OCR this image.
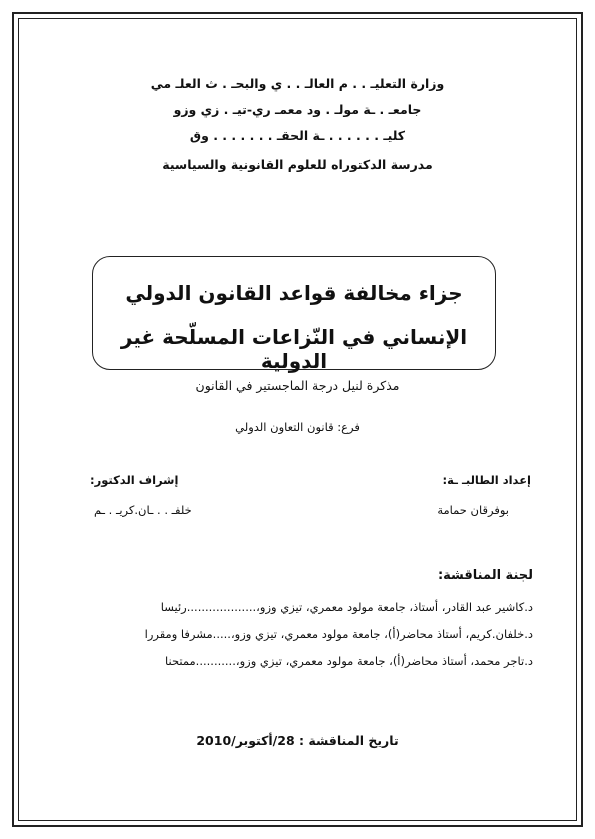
وزارة التعليـ . . م العالـ . . ي والبحـ . ث العلـ مي
جامعـ . ـة مولـ . ود معمـ ري-تيـ . زي وزو
كليـ . . . . . . ـة الحقـ . . . . . . . وق
مدرسة الدكتوراه للعلوم القانونية والسياسية
جزاء مخالفة قواعد القانون الدولي
الإنساني في النّزاعات المسلّحة غير الدولية
مذكرة لنيل درجة الماجستير في القانون
فرع: قانون التعاون الدولي
إعداد الطالبـ ـة:
بوفرقان حمامة
إشراف الدكتور:
خلفـ . . ـان.كريـ . ـم
لجنة المناقشة:
د.كاشير عبد القادر، أستاذ، جامعة مولود معمري، تيزي وزو،...................رئيسا
د.خلفان.كريم، أستاذ محاضر(أ)، جامعة مولود معمري، تيزي وزو،.....مشرفا ومقررا
د.تاجر محمد، أستاذ محاضر(أ)، جامعة مولود معمري، تيزي وزو،...........ممتحنا
تاريخ المناقشة : 28/أكتوبر/2010
